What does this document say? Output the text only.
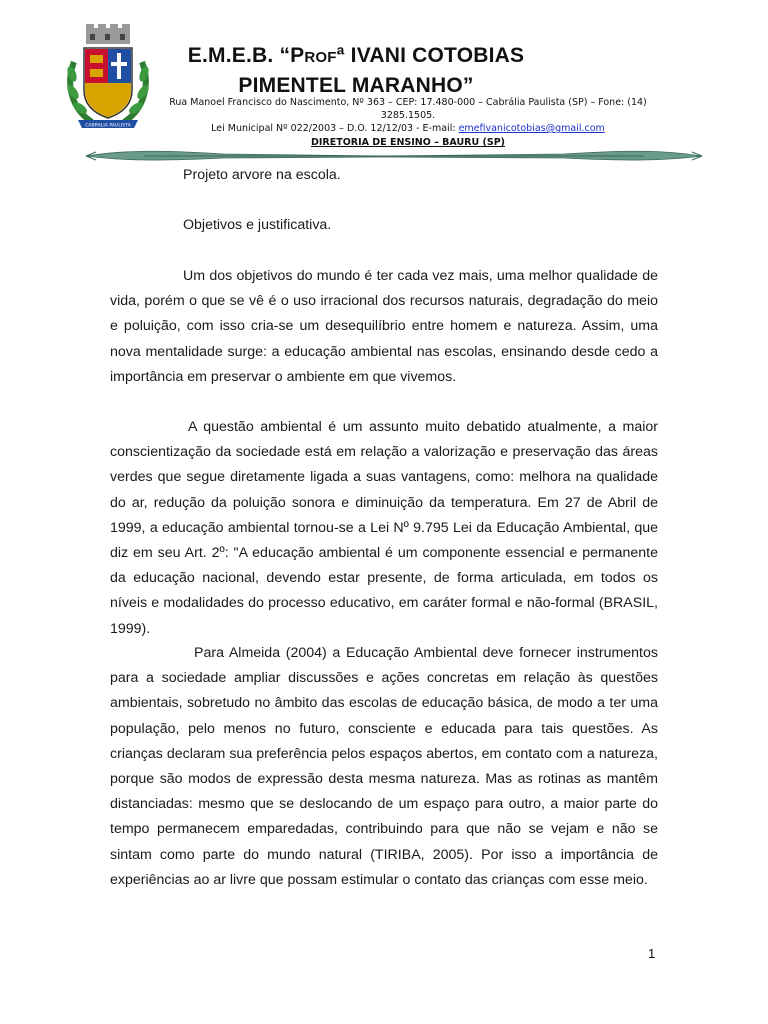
CABRALIA PAULISTA
E.M.E.B. “PROFª IVANI COTOBIAS PIMENTEL MARANHO”
Rua Manoel Francisco do Nascimento, Nº 363 – CEP: 17.480-000 – Cabrália Paulista (SP) – Fone: (14) 3285.1505.
Lei Municipal Nº 022/2003 – D.O. 12/12/03 - E-mail: emefivanicotobias@gmail.com
DIRETORIA DE ENSINO – BAURU (SP)
Projeto arvore na escola.
Objetivos e justificativa.

Um dos objetivos do mundo é ter cada vez mais, uma melhor qualidade de vida, porém o que se vê é o uso irracional dos recursos naturais, degradação do meio e poluição, com isso cria-se um desequilíbrio entre homem e natureza. Assim, uma nova mentalidade surge: a educação ambiental nas escolas, ensinando desde cedo a importância em preservar o ambiente em que vivemos.

A questão ambiental é um assunto muito debatido atualmente, a maior conscientização da sociedade está em relação a valorização e preservação das áreas verdes que segue diretamente ligada a suas vantagens, como: melhora na qualidade do ar, redução da poluição sonora e diminuição da temperatura. Em 27 de Abril de 1999, a educação ambiental tornou-se a Lei Nº 9.795 Lei da Educação Ambiental, que diz em seu Art. 2º: "A educação ambiental é um componente essencial e permanente da educação nacional, devendo estar presente, de forma articulada, em todos os níveis e modalidades do processo educativo, em caráter formal e não-formal (BRASIL, 1999).

Para Almeida (2004) a Educação Ambiental deve fornecer instrumentos para a sociedade ampliar discussões e ações concretas em relação às questões ambientais, sobretudo no âmbito das escolas de educação básica, de modo a ter uma população, pelo menos no futuro, consciente e educada para tais questões. As crianças declaram sua preferência pelos espaços abertos, em contato com a natureza, porque são modos de expressão desta mesma natureza. Mas as rotinas as mantêm distanciadas: mesmo que se deslocando de um espaço para outro, a maior parte do tempo permanecem emparedadas, contribuindo para que não se vejam e não se sintam como parte do mundo natural (TIRIBA, 2005). Por isso a importância de experiências ao ar livre que possam estimular o contato das crianças com esse meio.

1
